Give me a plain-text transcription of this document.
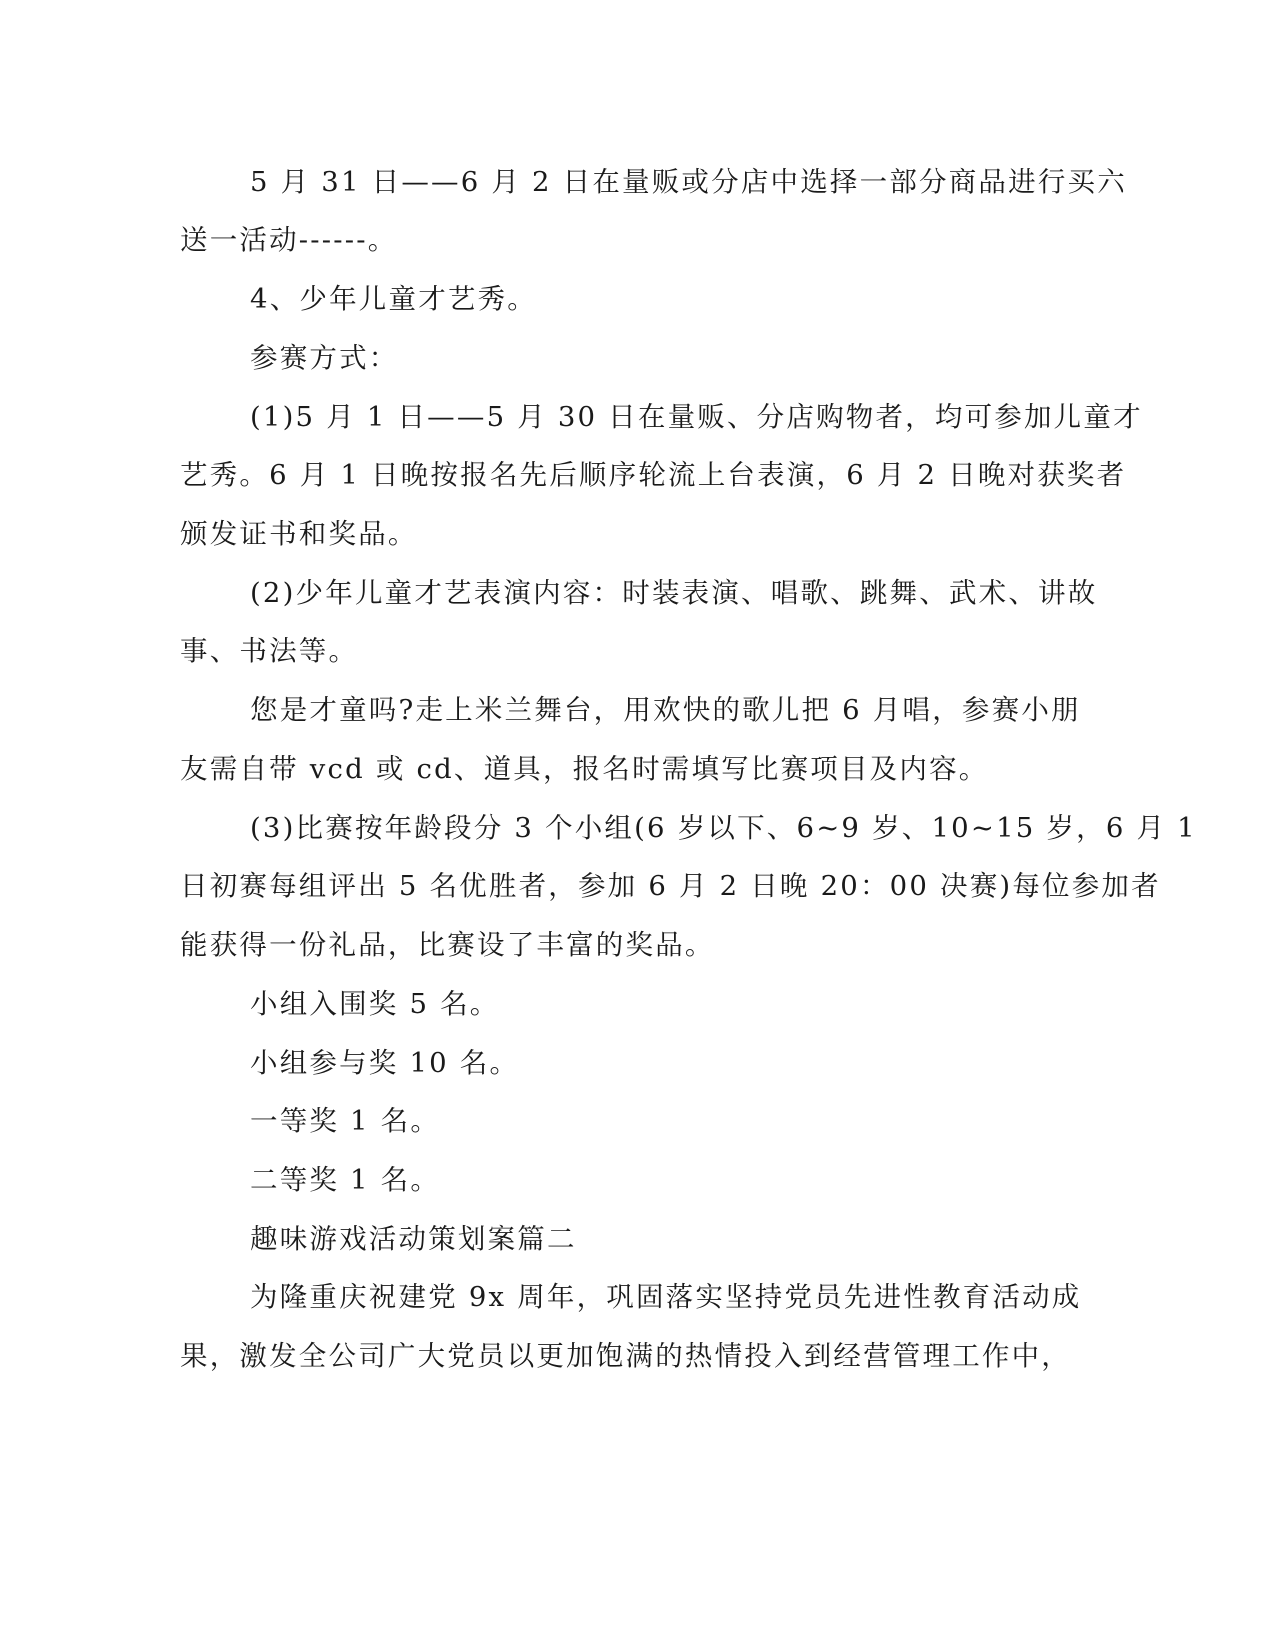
5 月 31 日——6 月 2 日在量贩或分店中选择一部分商品进行买六
送一活动------。
4、少年儿童才艺秀。
参赛方式：
(1)5 月 1 日——5 月 30 日在量贩、分店购物者，均可参加儿童才
艺秀。6 月 1 日晚按报名先后顺序轮流上台表演，6 月 2 日晚对获奖者
颁发证书和奖品。
(2)少年儿童才艺表演内容：时装表演、唱歌、跳舞、武术、讲故
事、书法等。
您是才童吗?走上米兰舞台，用欢快的歌儿把 6 月唱，参赛小朋
友需自带 vcd 或 cd、道具，报名时需填写比赛项目及内容。
(3)比赛按年龄段分 3 个小组(6 岁以下、6~9 岁、10~15 岁，6 月 1
日初赛每组评出 5 名优胜者，参加 6 月 2 日晚 20：00 决赛)每位参加者
能获得一份礼品，比赛设了丰富的奖品。
小组入围奖 5 名。
小组参与奖 10 名。
一等奖 1 名。
二等奖 1 名。
趣味游戏活动策划案篇二
为隆重庆祝建党 9x 周年，巩固落实坚持党员先进性教育活动成
果，激发全公司广大党员以更加饱满的热情投入到经营管理工作中，
